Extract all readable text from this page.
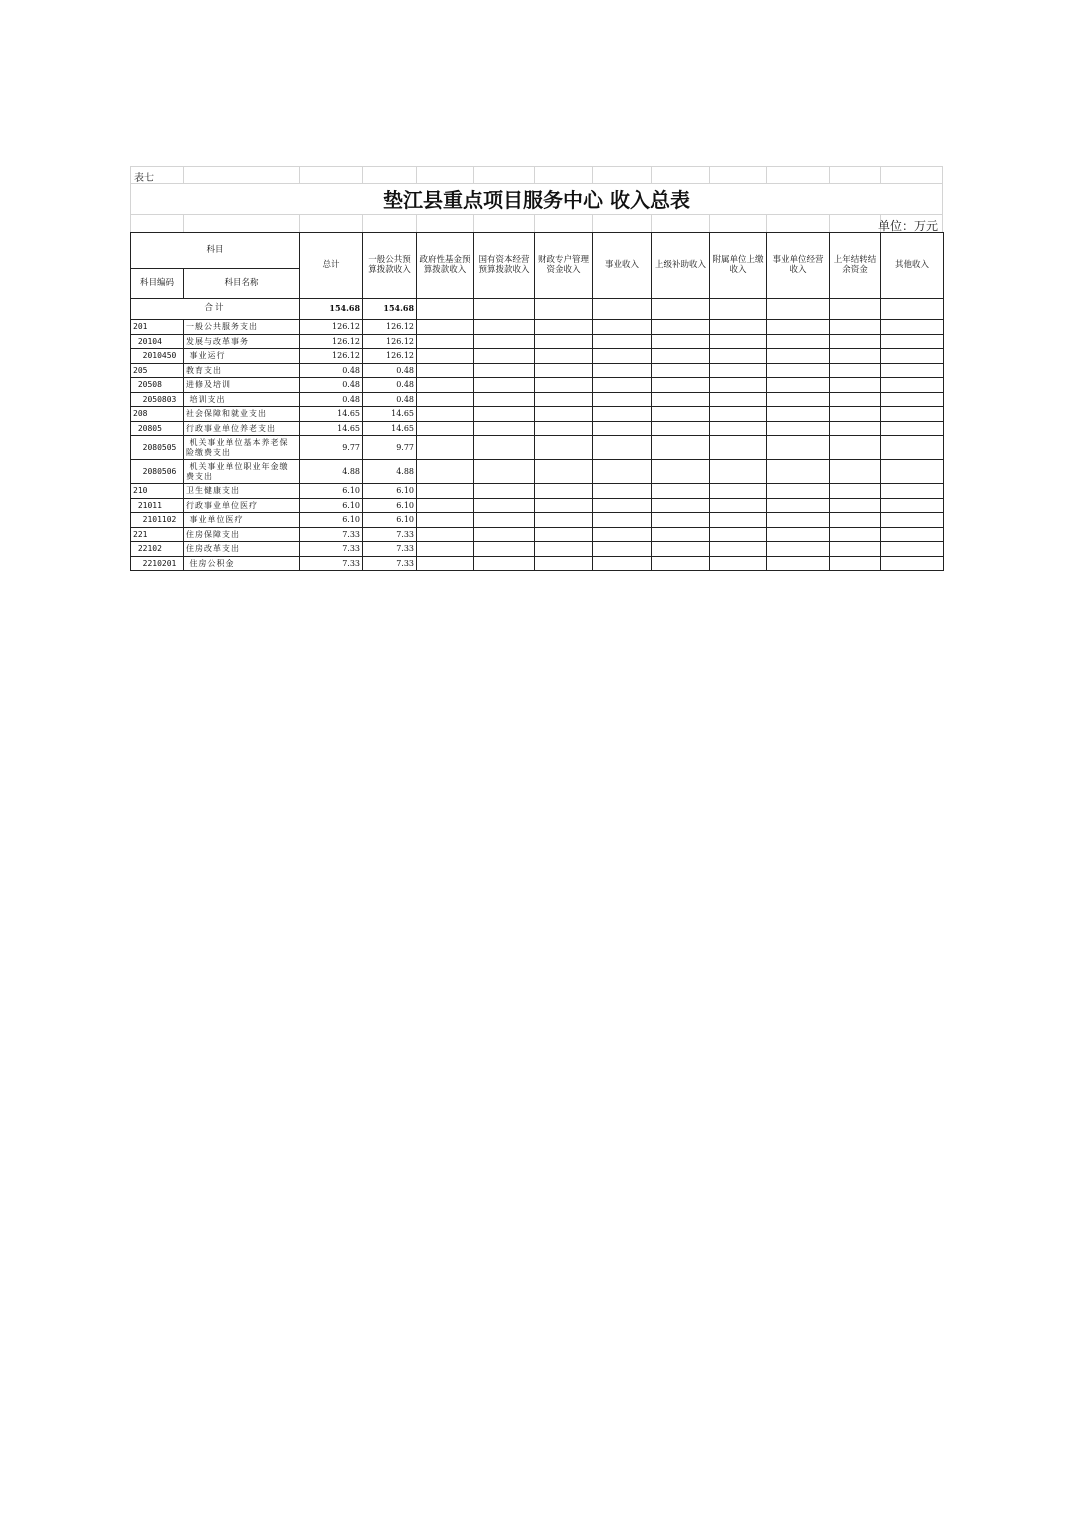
表七
垫江县重点项目服务中心 收入总表
单位：万元
科目		总计	一般公共预算拨款收入	政府性基金预算拨款收入	国有资本经营预算拨款收入	财政专户管理资金收入	事业收入	上级补助收入	附属单位上缴收入	事业单位经营收入	上年结转结余资金	其他收入
科目编码	科目名称											
合计		154.68	154.68									
201	一般公共服务支出	126.12	126.12									
20104	发展与改革事务	126.12	126.12									
2010450	事业运行	126.12	126.12									
205	教育支出	0.48	0.48									
20508	进修及培训	0.48	0.48									
2050803	培训支出	0.48	0.48									
208	社会保障和就业支出	14.65	14.65									
20805	行政事业单位养老支出	14.65	14.65									
2080505	机关事业单位基本养老保险缴费支出	9.77	9.77									
2080506	机关事业单位职业年金缴费支出	4.88	4.88									
210	卫生健康支出	6.10	6.10									
21011	行政事业单位医疗	6.10	6.10									
2101102	事业单位医疗	6.10	6.10									
221	住房保障支出	7.33	7.33									
22102	住房改革支出	7.33	7.33									
2210201	住房公积金	7.33	7.33									
